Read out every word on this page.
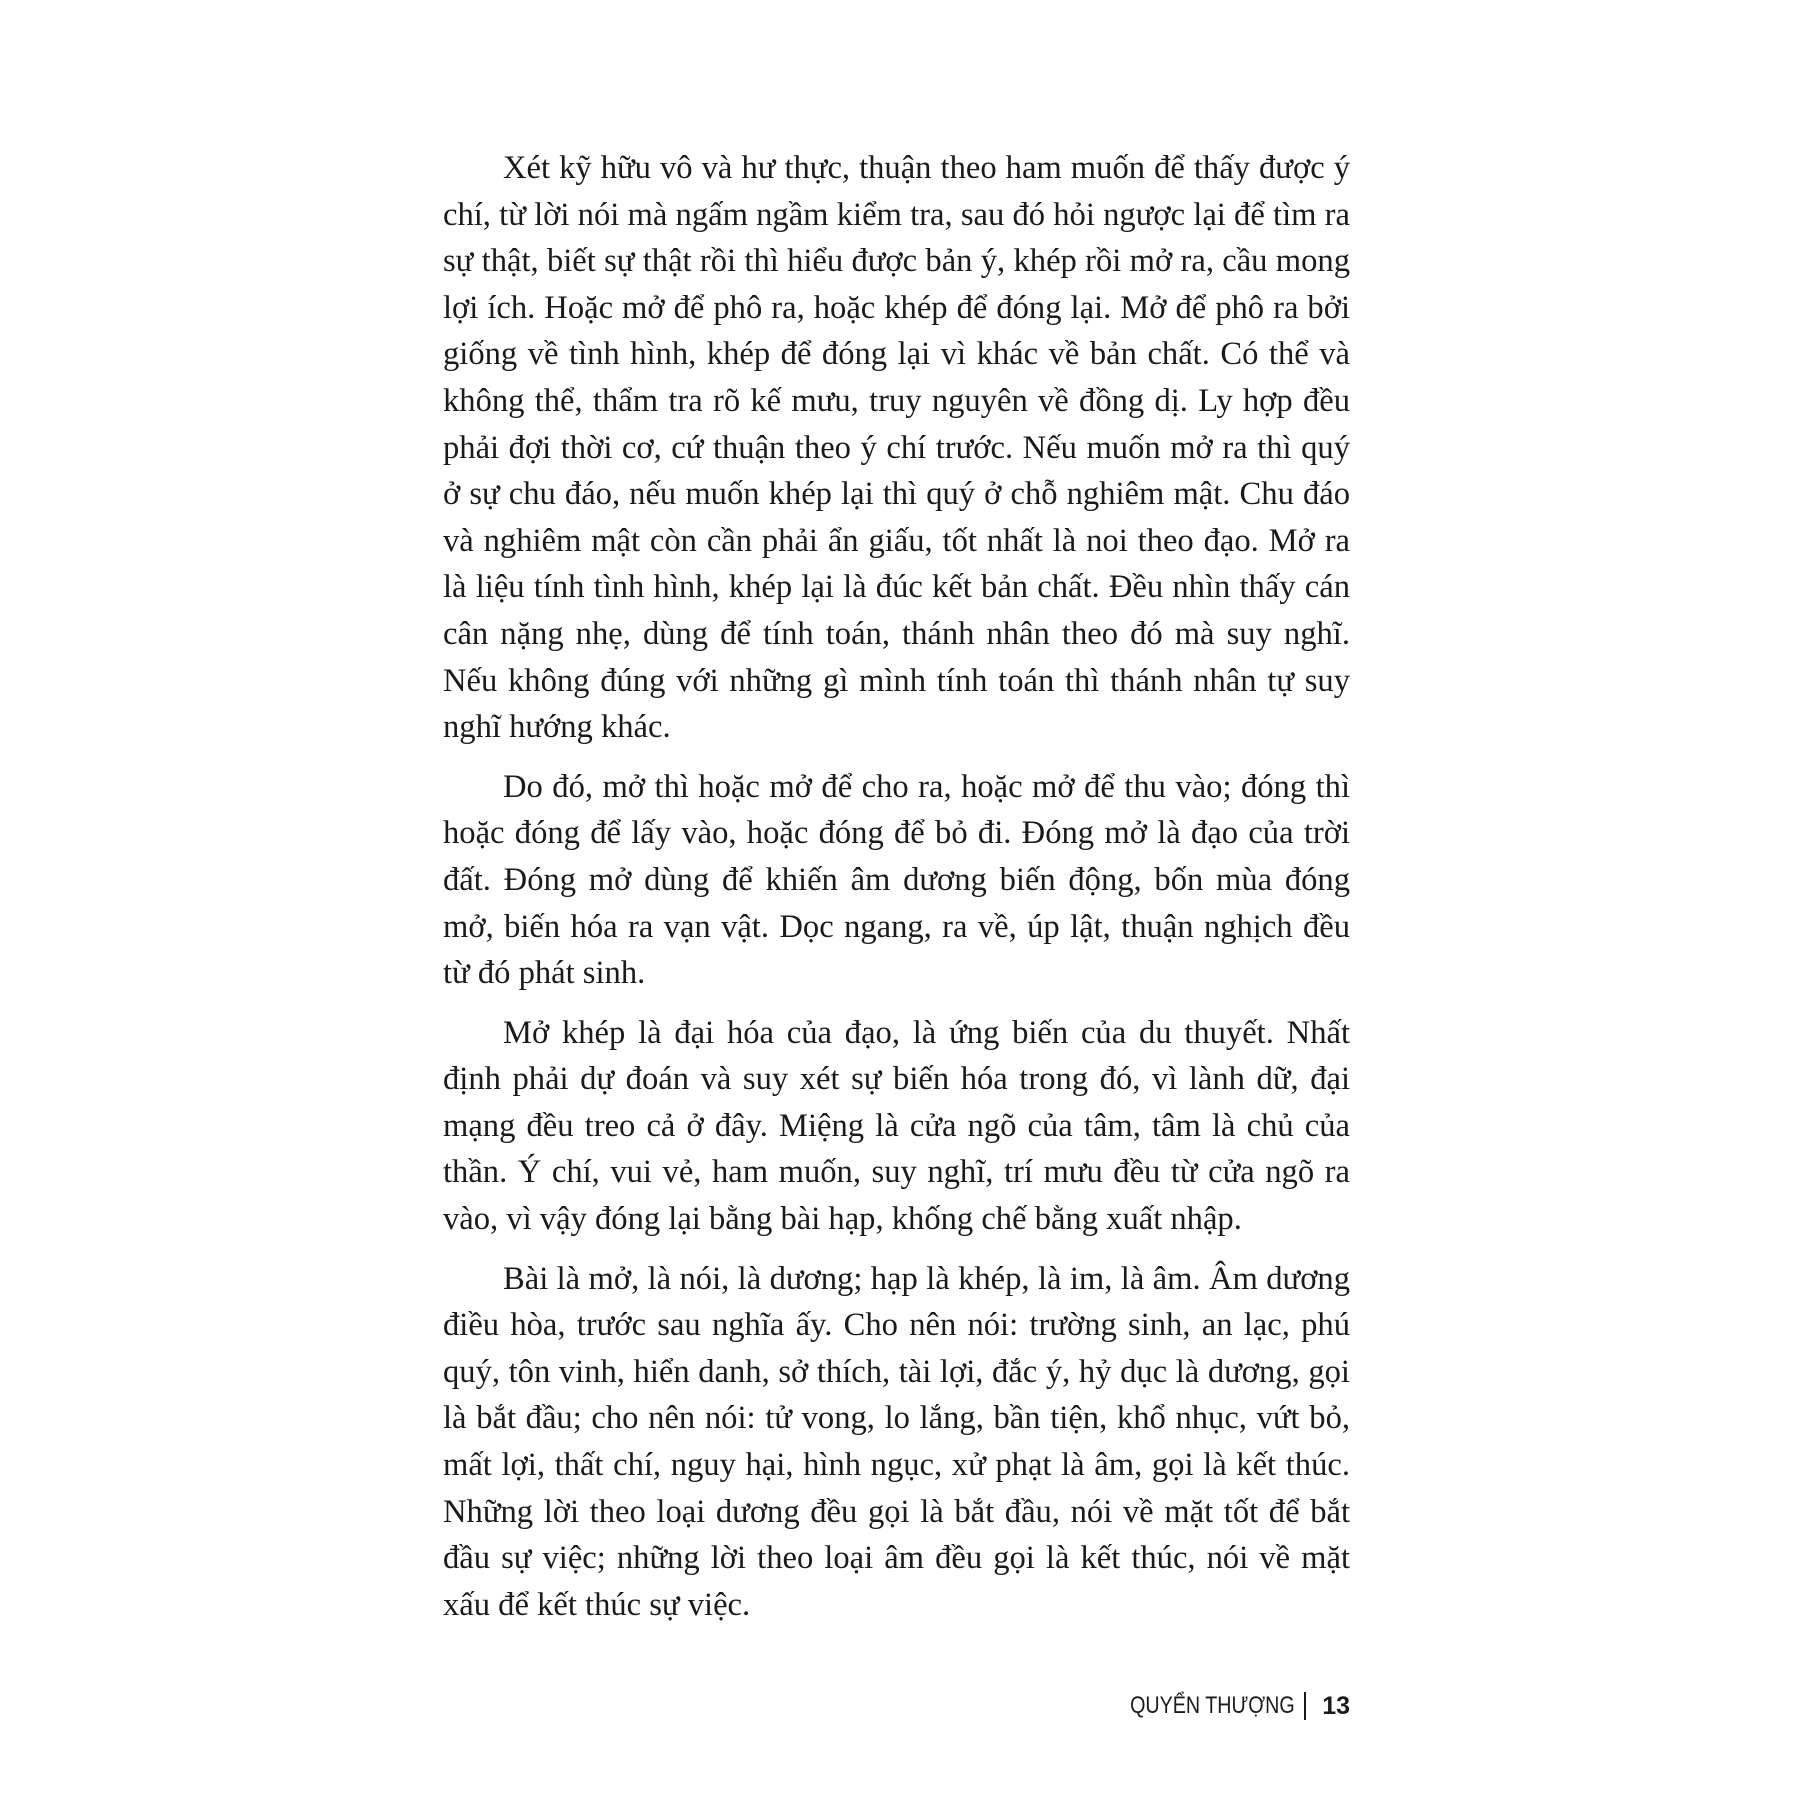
Xét kỹ hữu vô và hư thực, thuận theo ham muốn để thấy được ý chí, từ lời nói mà ngấm ngầm kiểm tra, sau đó hỏi ngược lại để tìm ra sự thật, biết sự thật rồi thì hiểu được bản ý, khép rồi mở ra, cầu mong lợi ích. Hoặc mở để phô ra, hoặc khép để đóng lại. Mở để phô ra bởi giống về tình hình, khép để đóng lại vì khác về bản chất. Có thể và không thể, thẩm tra rõ kế mưu, truy nguyên về đồng dị. Ly hợp đều phải đợi thời cơ, cứ thuận theo ý chí trước. Nếu muốn mở ra thì quý ở sự chu đáo, nếu muốn khép lại thì quý ở chỗ nghiêm mật. Chu đáo và nghiêm mật còn cần phải ẩn giấu, tốt nhất là noi theo đạo. Mở ra là liệu tính tình hình, khép lại là đúc kết bản chất. Đều nhìn thấy cán cân nặng nhẹ, dùng để tính toán, thánh nhân theo đó mà suy nghĩ. Nếu không đúng với những gì mình tính toán thì thánh nhân tự suy nghĩ hướng khác.

Do đó, mở thì hoặc mở để cho ra, hoặc mở để thu vào; đóng thì hoặc đóng để lấy vào, hoặc đóng để bỏ đi. Đóng mở là đạo của trời đất. Đóng mở dùng để khiến âm dương biến động, bốn mùa đóng mở, biến hóa ra vạn vật. Dọc ngang, ra về, úp lật, thuận nghịch đều từ đó phát sinh.

Mở khép là đại hóa của đạo, là ứng biến của du thuyết. Nhất định phải dự đoán và suy xét sự biến hóa trong đó, vì lành dữ, đại mạng đều treo cả ở đây. Miệng là cửa ngõ của tâm, tâm là chủ của thần. Ý chí, vui vẻ, ham muốn, suy nghĩ, trí mưu đều từ cửa ngõ ra vào, vì vậy đóng lại bằng bài hạp, khống chế bằng xuất nhập.

Bài là mở, là nói, là dương; hạp là khép, là im, là âm. Âm dương điều hòa, trước sau nghĩa ấy. Cho nên nói: trường sinh, an lạc, phú quý, tôn vinh, hiển danh, sở thích, tài lợi, đắc ý, hỷ dục là dương, gọi là bắt đầu; cho nên nói: tử vong, lo lắng, bần tiện, khổ nhục, vứt bỏ, mất lợi, thất chí, nguy hại, hình ngục, xử phạt là âm, gọi là kết thúc. Những lời theo loại dương đều gọi là bắt đầu, nói về mặt tốt để bắt đầu sự việc; những lời theo loại âm đều gọi là kết thúc, nói về mặt xấu để kết thúc sự việc.

QUYỂN THƯỢNG 13
